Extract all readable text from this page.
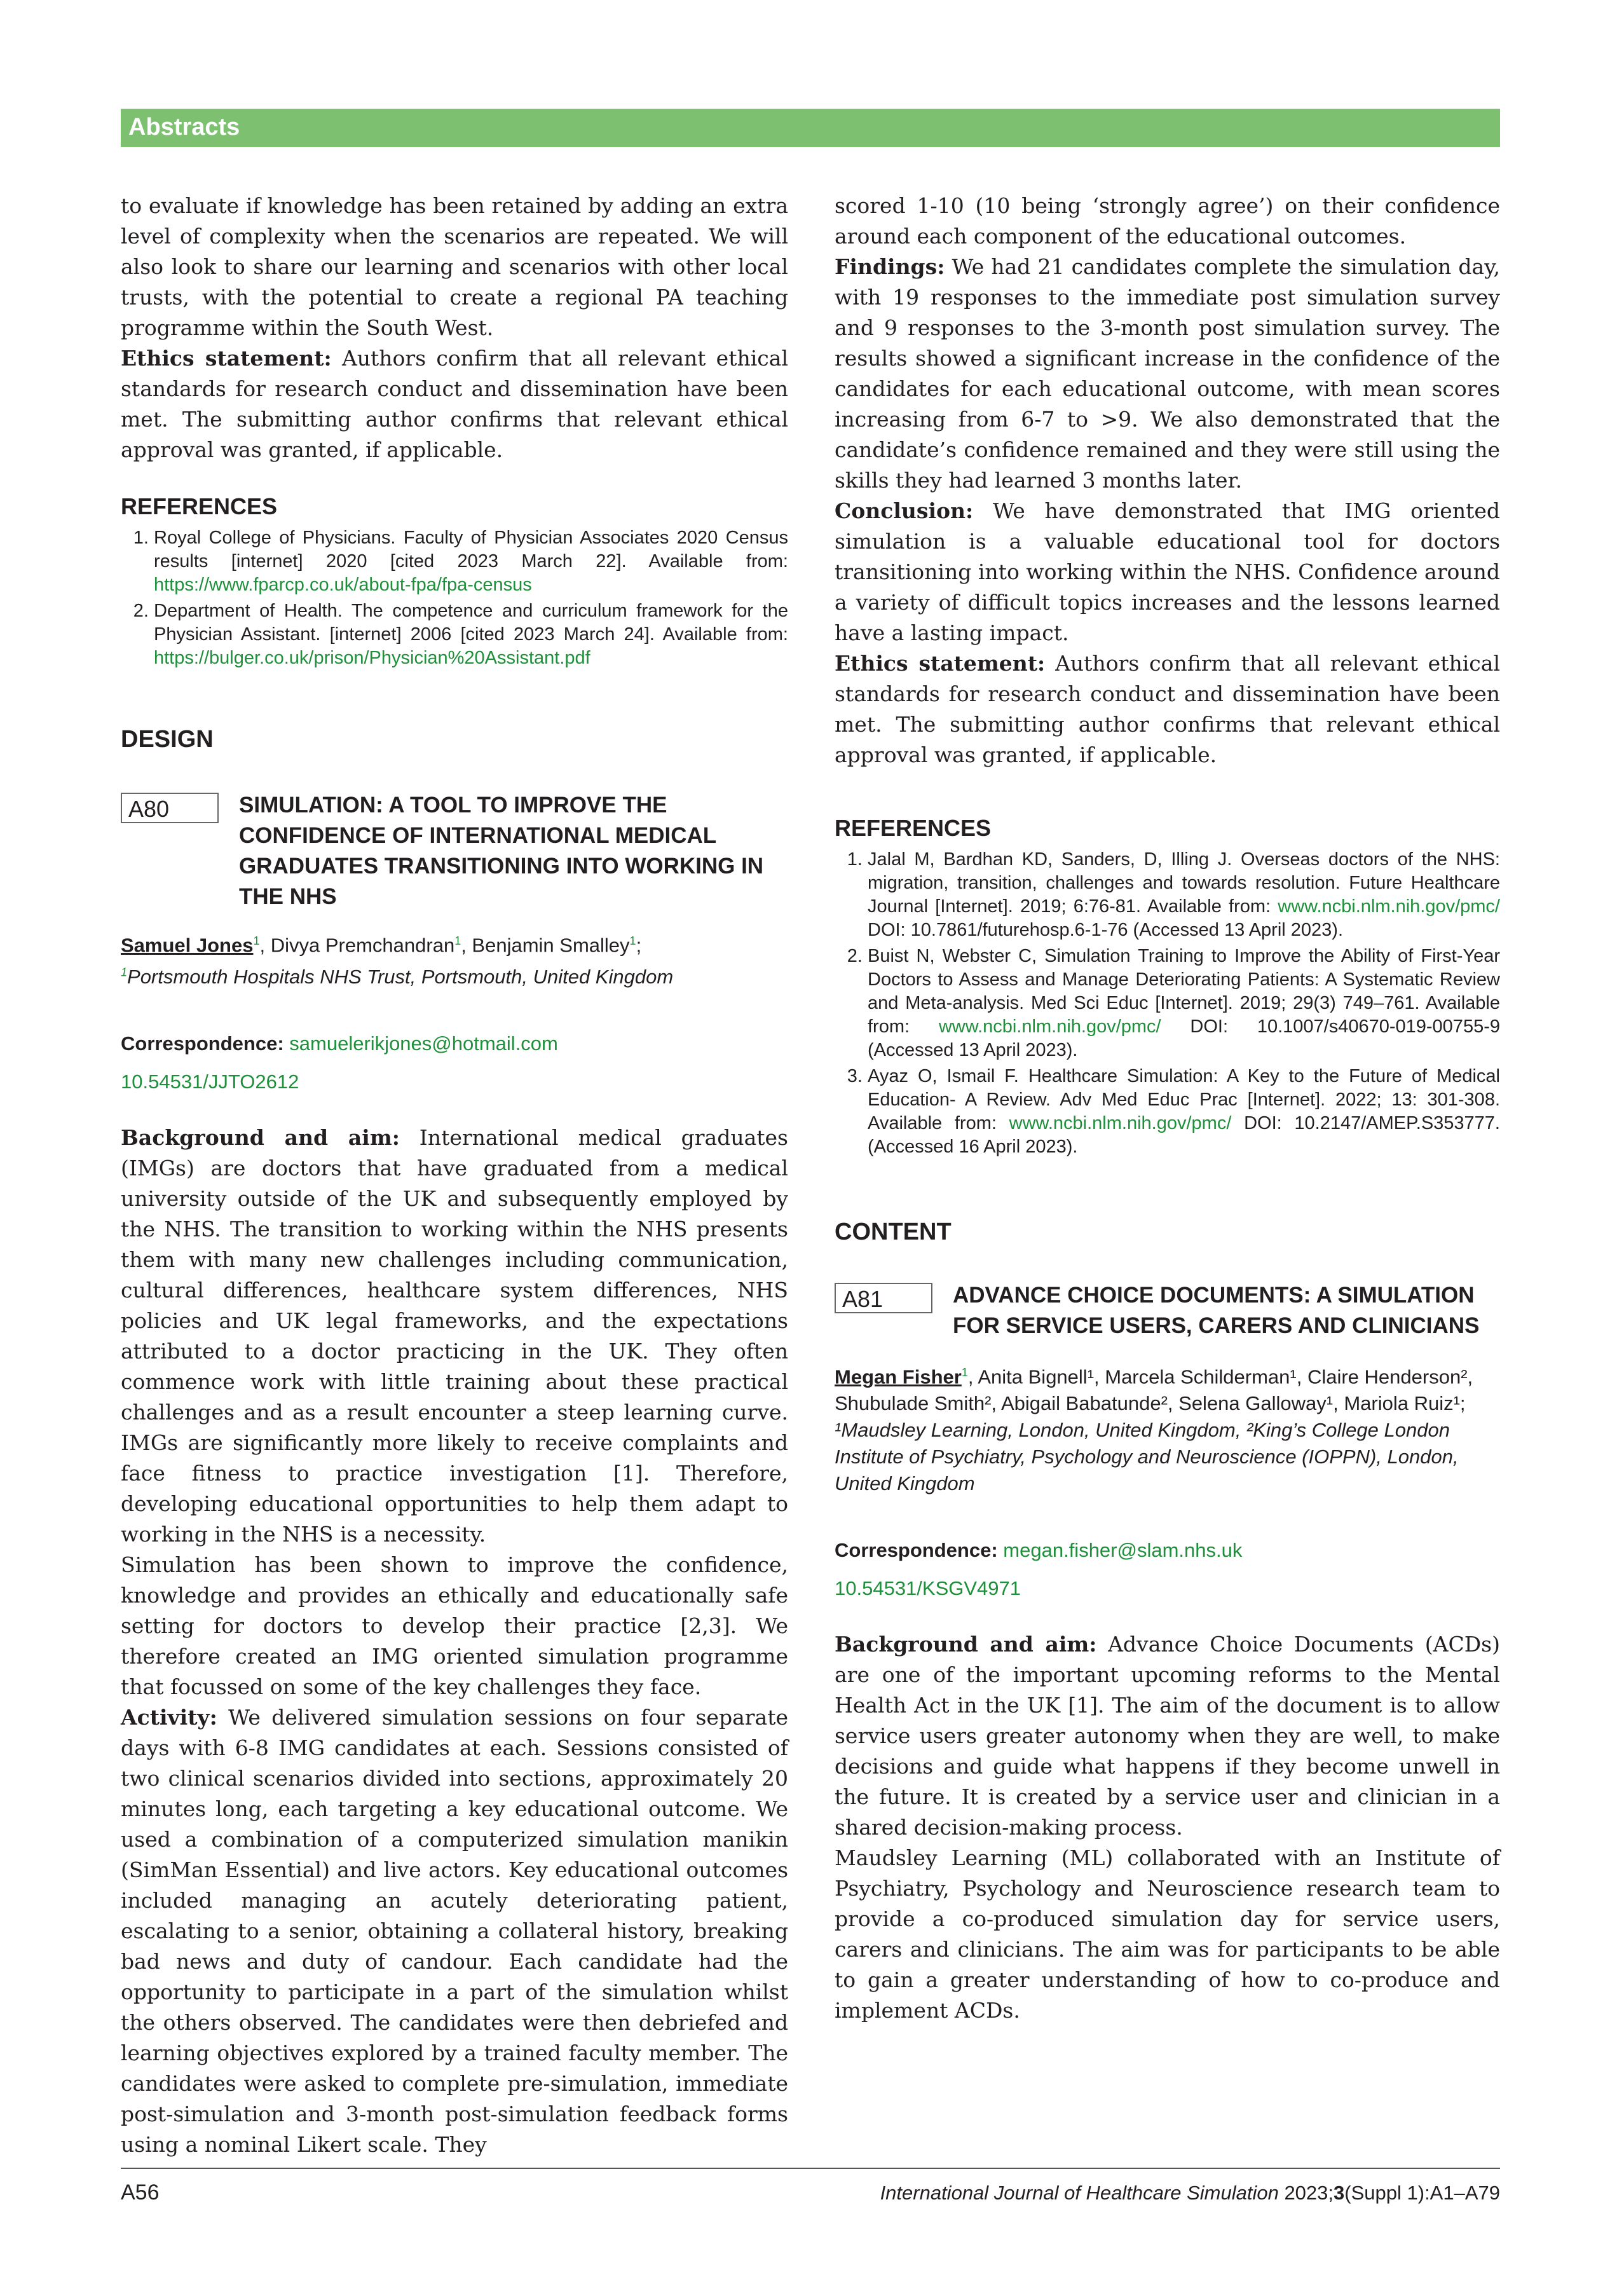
Abstracts

to evaluate if knowledge has been retained by adding an extra level of complexity when the scenarios are repeated. We will also look to share our learning and scenarios with other local trusts, with the potential to create a regional PA teaching programme within the South West.

Ethics statement: Authors confirm that all relevant ethical standards for research conduct and dissemination have been met. The submitting author confirms that relevant ethical approval was granted, if applicable.

REFERENCES
1. Royal College of Physicians. Faculty of Physician Associates 2020 Census results [internet] 2020 [cited 2023 March 22]. Available from: https://www.fparcp.co.uk/about-fpa/fpa-census
2. Department of Health. The competence and curriculum framework for the Physician Assistant. [internet] 2006 [cited 2023 March 24]. Available from: https://bulger.co.uk/prison/Physician%20Assistant.pdf
DESIGN
A80	SIMULATION: A TOOL TO IMPROVE THE CONFIDENCE OF INTERNATIONAL MEDICAL GRADUATES TRANSITIONING INTO WORKING IN THE NHS
Samuel Jones$^1$, Divya Premchandran$^1$, Benjamin Smalley$^1$;
$^1$Portsmouth Hospitals NHS Trust, Portsmouth, United Kingdom
Correspondence: samuelerikjones@hotmail.com
10.54531/JJTO2612

Background and aim: International medical graduates (IMGs) are doctors that have graduated from a medical university outside of the UK and subsequently employed by the NHS. The transition to working within the NHS presents them with many new challenges including communication, cultural differences, healthcare system differences, NHS policies and UK legal frameworks, and the expectations attributed to a doctor practicing in the UK. They often commence work with little training about these practical challenges and as a result encounter a steep learning curve. IMGs are significantly more likely to receive complaints and face fitness to practice investigation [1]. Therefore, developing educational opportunities to help them adapt to working in the NHS is a necessity.

Simulation has been shown to improve the confidence, knowledge and provides an ethically and educationally safe setting for doctors to develop their practice [2,3]. We therefore created an IMG oriented simulation programme that focussed on some of the key challenges they face.

Activity: We delivered simulation sessions on four separate days with 6-8 IMG candidates at each. Sessions consisted of two clinical scenarios divided into sections, approximately 20 minutes long, each targeting a key educational outcome. We used a combination of a computerized simulation manikin (SimMan Essential) and live actors. Key educational outcomes included managing an acutely deteriorating patient, escalating to a senior, obtaining a collateral history, breaking bad news and duty of candour. Each candidate had the opportunity to participate in a part of the simulation whilst the others observed. The candidates were then debriefed and learning objectives explored by a trained faculty member. The candidates were asked to complete pre-simulation, immediate post-simulation and 3-month post-simulation feedback forms using a nominal Likert scale. They

scored 1-10 (10 being ‘strongly agree’) on their confidence around each component of the educational outcomes.

Findings: We had 21 candidates complete the simulation day, with 19 responses to the immediate post simulation survey and 9 responses to the 3-month post simulation survey. The results showed a significant increase in the confidence of the candidates for each educational outcome, with mean scores increasing from 6-7 to >9. We also demonstrated that the candidate’s confidence remained and they were still using the skills they had learned 3 months later.

Conclusion: We have demonstrated that IMG oriented simulation is a valuable educational tool for doctors transitioning into working within the NHS. Confidence around a variety of difficult topics increases and the lessons learned have a lasting impact.

Ethics statement: Authors confirm that all relevant ethical standards for research conduct and dissemination have been met. The submitting author confirms that relevant ethical approval was granted, if applicable.

REFERENCES
1. Jalal M, Bardhan KD, Sanders, D, Illing J. Overseas doctors of the NHS: migration, transition, challenges and towards resolution. Future Healthcare Journal [Internet]. 2019; 6:76-81. Available from: www.ncbi.nlm.nih.gov/pmc/ DOI: 10.7861/futurehosp.6-1-76 (Accessed 13 April 2023).
2. Buist N, Webster C, Simulation Training to Improve the Ability of First-Year Doctors to Assess and Manage Deteriorating Patients: A Systematic Review and Meta-analysis. Med Sci Educ [Internet]. 2019; 29(3) 749–761. Available from: www.ncbi.nlm.nih.gov/pmc/ DOI: 10.1007/s40670-019-00755-9 (Accessed 13 April 2023).
3. Ayaz O, Ismail F. Healthcare Simulation: A Key to the Future of Medical Education- A Review. Adv Med Educ Prac [Internet]. 2022; 13: 301-308. Available from: www.ncbi.nlm.nih.gov/pmc/ DOI: 10.2147/AMEP.S353777. (Accessed 16 April 2023).
CONTENT
A81	ADVANCE CHOICE DOCUMENTS: A SIMULATION FOR SERVICE USERS, CARERS AND CLINICIANS
Megan Fisher$^1$, Anita Bignell¹, Marcela Schilderman¹, Claire Henderson², Shubulade Smith², Abigail Babatunde², Selena Galloway¹, Mariola Ruiz¹; ¹Maudsley Learning, London, United Kingdom, ²King’s College London Institute of Psychiatry, Psychology and Neuroscience (IOPPN), London, United Kingdom
Correspondence: megan.fisher@slam.nhs.uk
10.54531/KSGV4971

Background and aim: Advance Choice Documents (ACDs) are one of the important upcoming reforms to the Mental Health Act in the UK [1]. The aim of the document is to allow service users greater autonomy when they are well, to make decisions and guide what happens if they become unwell in the future. It is created by a service user and clinician in a shared decision-making process.

Maudsley Learning (ML) collaborated with an Institute of Psychiatry, Psychology and Neuroscience research team to provide a co-produced simulation day for service users, carers and clinicians. The aim was for participants to be able to gain a greater understanding of how to co-produce and implement ACDs.

A56	International Journal of Healthcare Simulation 2023;3(Suppl 1):A1–A79
